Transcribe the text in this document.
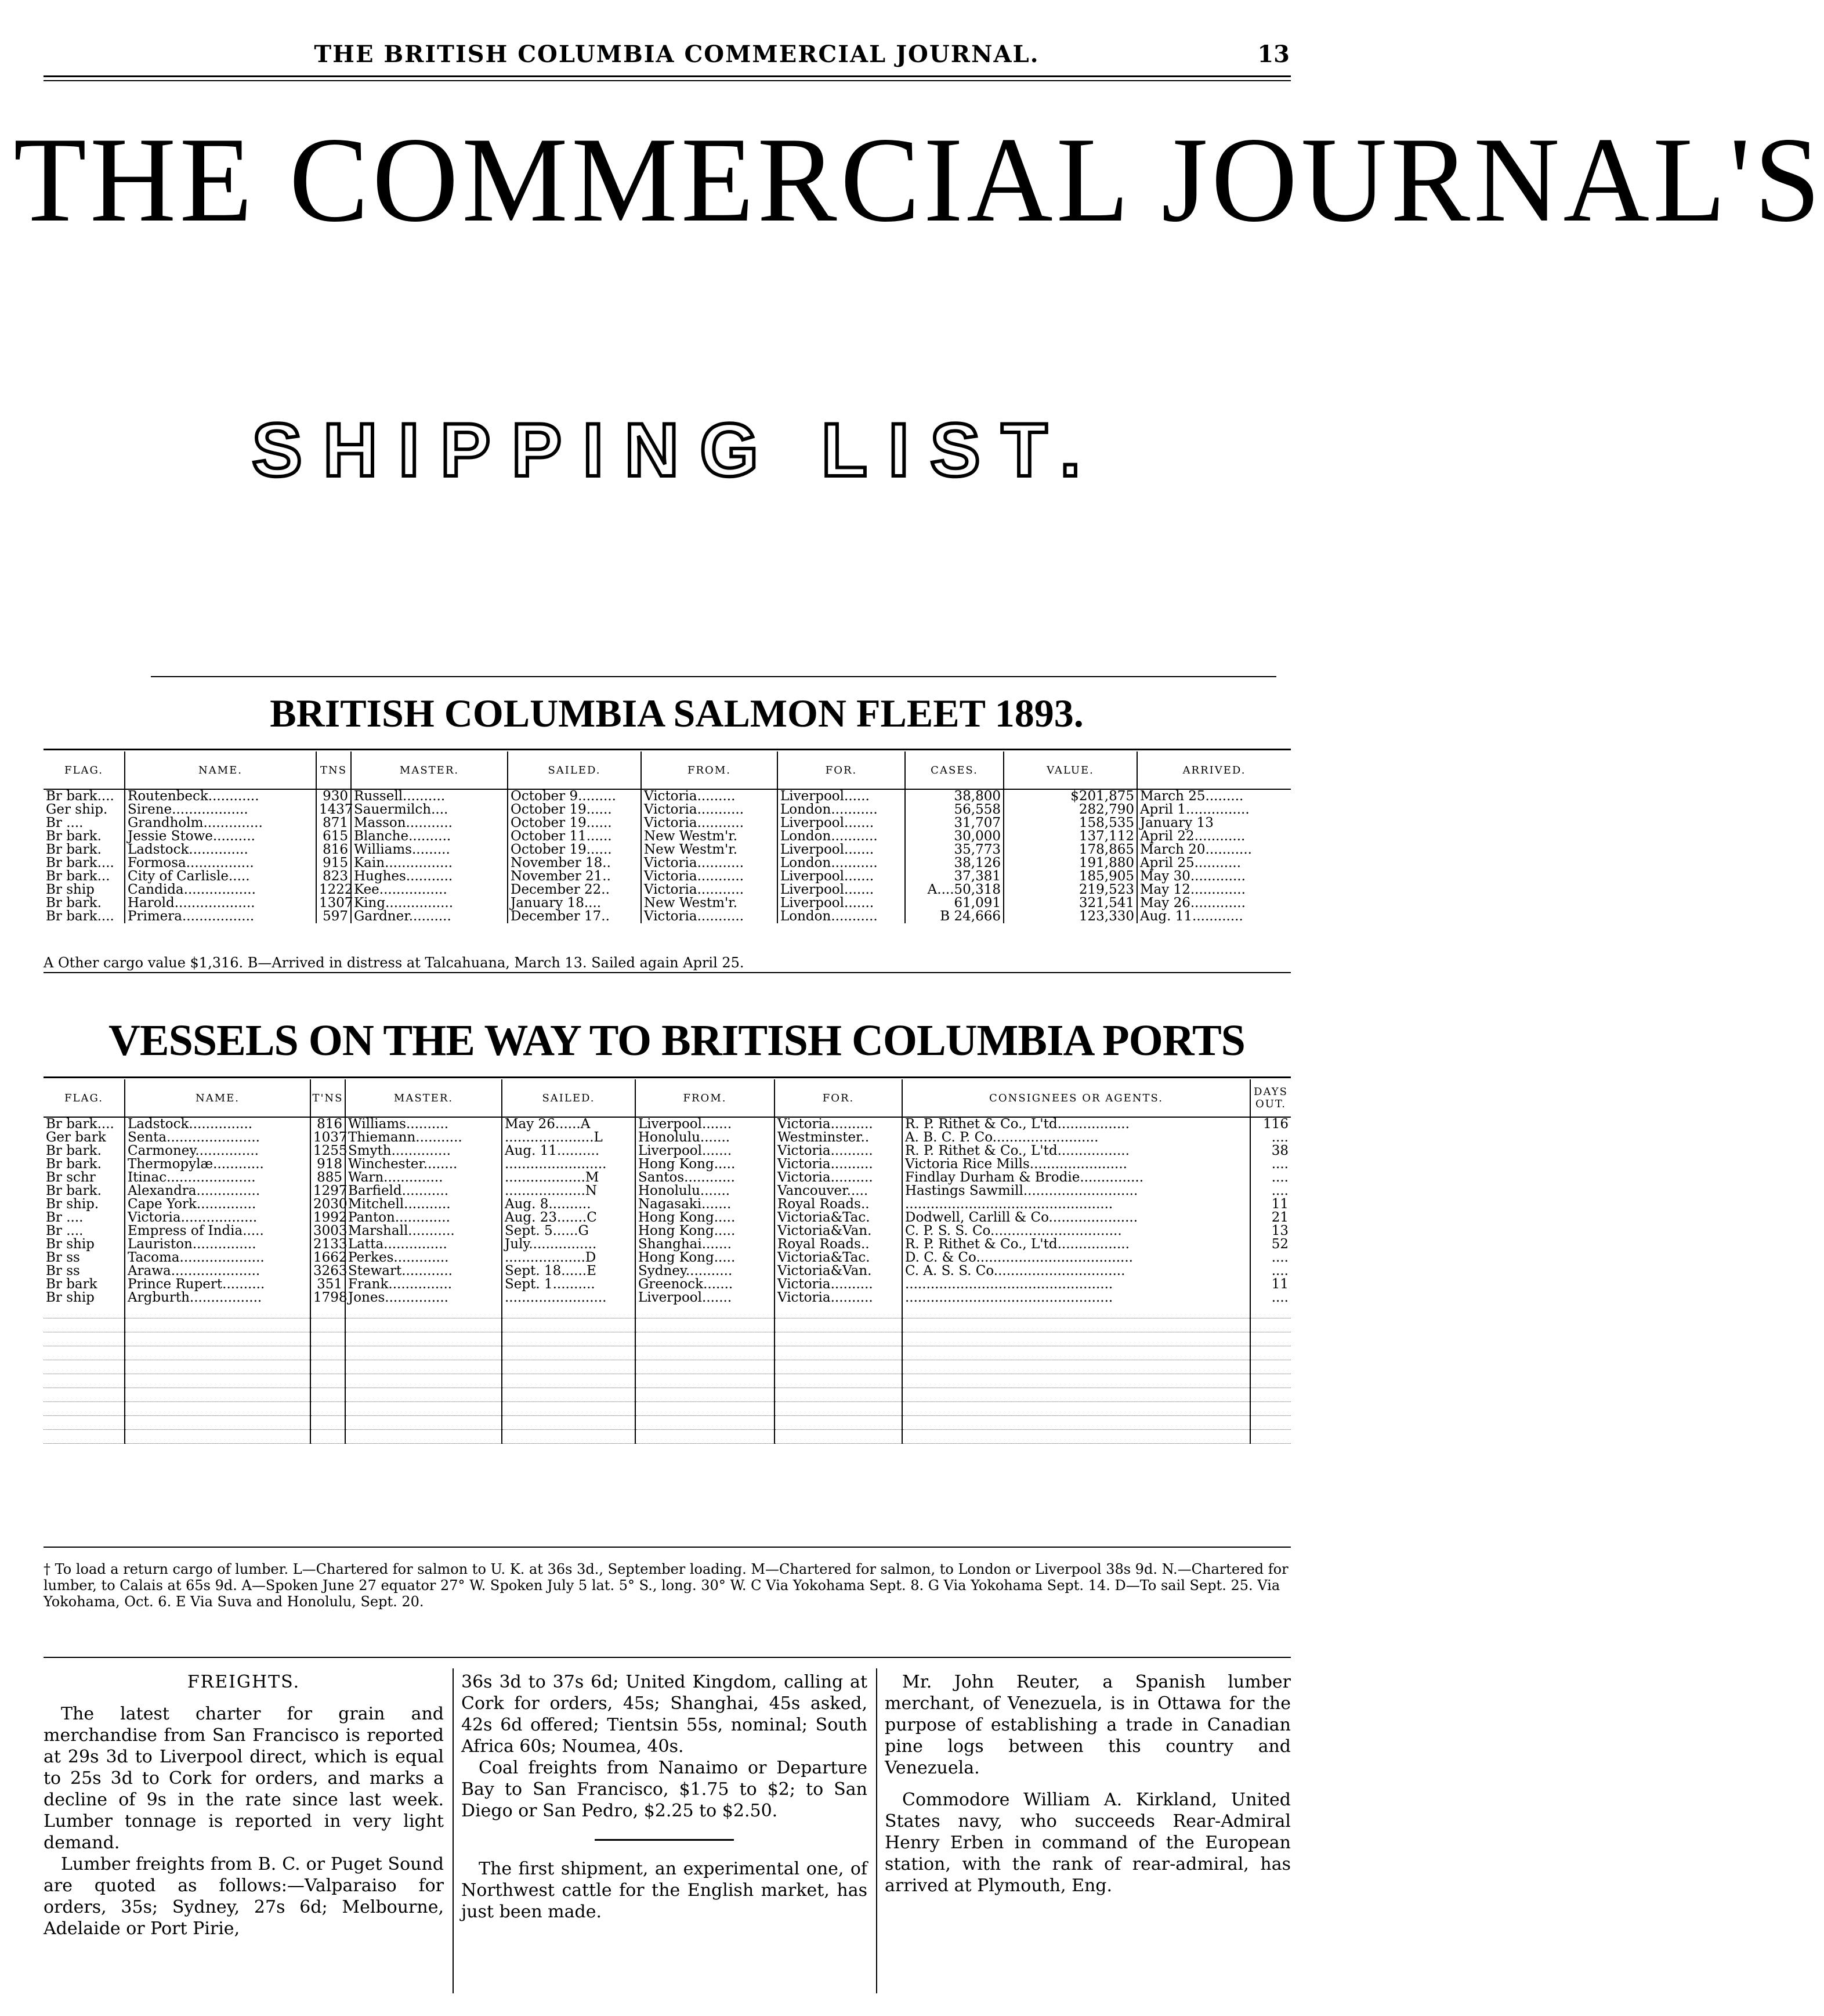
THE BRITISH COLUMBIA COMMERCIAL JOURNAL.	13
THE COMMERCIAL JOURNAL'S
SHIPPING LIST.
BRITISH COLUMBIA SALMON FLEET 1893.
FLAG.	NAME.	TNS	MASTER.	SAILED.	FROM.	FOR.	CASES.	VALUE.	ARRIVED.
Br bark....	Routenbeck............	930	Russell..........	October 9.........	Victoria.........	Liverpool......	38,800	$201,875	March 25.........
Ger ship.	Sirene..................	1437	Sauermilch....	October 19......	Victoria...........	London...........	56,558	282,790	April 1...............
Br ....	Grandholm..............	871	Masson...........	October 19......	Victoria...........	Liverpool.......	31,707	158,535	January 13
Br bark.	Jessie Stowe..........	615	Blanche..........	October 11......	New Westm'r.	London...........	30,000	137,112	April 22............
Br bark.	Ladstock..............	816	Williams.........	October 19......	New Westm'r.	Liverpool.......	35,773	178,865	March 20...........
Br bark....	Formosa................	915	Kain................	November 18..	Victoria...........	London...........	38,126	191,880	April 25...........
Br bark...	City of Carlisle.....	823	Hughes...........	November 21..	Victoria...........	Liverpool.......	37,381	185,905	May 30.............
Br ship	Candida.................	1222	Kee................	December 22..	Victoria...........	Liverpool.......	A....50,318	219,523	May 12.............
Br bark.	Harold...................	1307	King................	January 18....	New Westm'r.	Liverpool.......	61,091	321,541	May 26.............
Br bark....	Primera.................	597	Gardner..........	December 17..	Victoria...........	London...........	B 24,666	123,330	Aug. 11............
A Other cargo value $1,316. B—Arrived in distress at Talcahuana, March 13. Sailed again April 25.
VESSELS ON THE WAY TO BRITISH COLUMBIA PORTS
FLAG.	NAME.	T'NS	MASTER.	SAILED.	FROM.	FOR.	CONSIGNEES OR AGENTS.	DAYS OUT.
Br bark....	Ladstock...............	816	Williams..........	May 26......A	Liverpool.......	Victoria..........	R. P. Rithet & Co., L'td.................	116
Ger bark	Senta......................	1037	Thiemann...........	.....................L	Honolulu.......	Westminster..	A. B. C. P. Co.........................	....
Br bark.	Carmoney...............	1255	Smyth..............	Aug. 11..........	Liverpool.......	Victoria..........	R. P. Rithet & Co., L'td.................	38
Br bark.	Thermopylæ............	918	Winchester........	........................	Hong Kong.....	Victoria..........	Victoria Rice Mills.......................	....
Br schr	Itinac.....................	885	Warn..............	...................M	Santos............	Victoria..........	Findlay Durham & Brodie...............	....
Br bark.	Alexandra...............	1297	Barfield...........	...................N	Honolulu.......	Vancouver.....	Hastings Sawmill...........................	....
Br ship.	Cape York..............	2030	Mitchell...........	Aug. 8..........	Nagasaki.......	Royal Roads..	.................................................	11
Br ....	Victoria..................	1992	Panton.............	Aug. 23.......C	Hong Kong.....	Victoria&Tac.	Dodwell, Carlill & Co.....................	21
Br ....	Empress of India.....	3003	Marshall...........	Sept. 5......G	Hong Kong.....	Victoria&Van.	C. P. S. S. Co...............................	13
Br ship	Lauriston...............	2133	Latta...............	July................	Shanghai.......	Royal Roads..	R. P. Rithet & Co., L'td.................	52
Br ss	Tacoma....................	1662	Perkes.............	...................D	Hong Kong.....	Victoria&Tac.	D. C. & Co.....................................	....
Br ss	Arawa.....................	3263	Stewart............	Sept. 18......E	Sydney...........	Victoria&Van.	C. A. S. S. Co...............................	....
Br bark	Prince Rupert..........	351	Frank...............	Sept. 1..........	Greenock.......	Victoria..........	.................................................	11
Br ship	Argburth.................	1798	Jones...............	........................	Liverpool.......	Victoria..........	.................................................	....

† To load a return cargo of lumber. L—Chartered for salmon to U. K. at 36s 3d., September loading. M—Chartered for salmon, to London or Liverpool 38s 9d. N.—Chartered for lumber, to Calais at 65s 9d. A—Spoken June 27 equator 27° W. Spoken July 5 lat. 5° S., long. 30° W. C Via Yokohama Sept. 8. G Via Yokohama Sept. 14. D—To sail Sept. 25. Via Yokohama, Oct. 6. E Via Suva and Honolulu, Sept. 20.
FREIGHTS.

The latest charter for grain and merchandise from San Francisco is reported at 29s 3d to Liverpool direct, which is equal to 25s 3d to Cork for orders, and marks a decline of 9s in the rate since last week. Lumber tonnage is reported in very light demand.

Lumber freights from B. C. or Puget Sound are quoted as follows:—Valparaiso for orders, 35s; Sydney, 27s 6d; Melbourne, Adelaide or Port Pirie,

36s 3d to 37s 6d; United Kingdom, calling at Cork for orders, 45s; Shanghai, 45s asked, 42s 6d offered; Tientsin 55s, nominal; South Africa 60s; Noumea, 40s.

Coal freights from Nanaimo or Departure Bay to San Francisco, $1.75 to $2; to San Diego or San Pedro, $2.25 to $2.50.

The first shipment, an experimental one, of Northwest cattle for the English market, has just been made.

Mr. John Reuter, a Spanish lumber merchant, of Venezuela, is in Ottawa for the purpose of establishing a trade in Canadian pine logs between this country and Venezuela.

Commodore William A. Kirkland, United States navy, who succeeds Rear-Admiral Henry Erben in command of the European station, with the rank of rear-admiral, has arrived at Plymouth, Eng.
